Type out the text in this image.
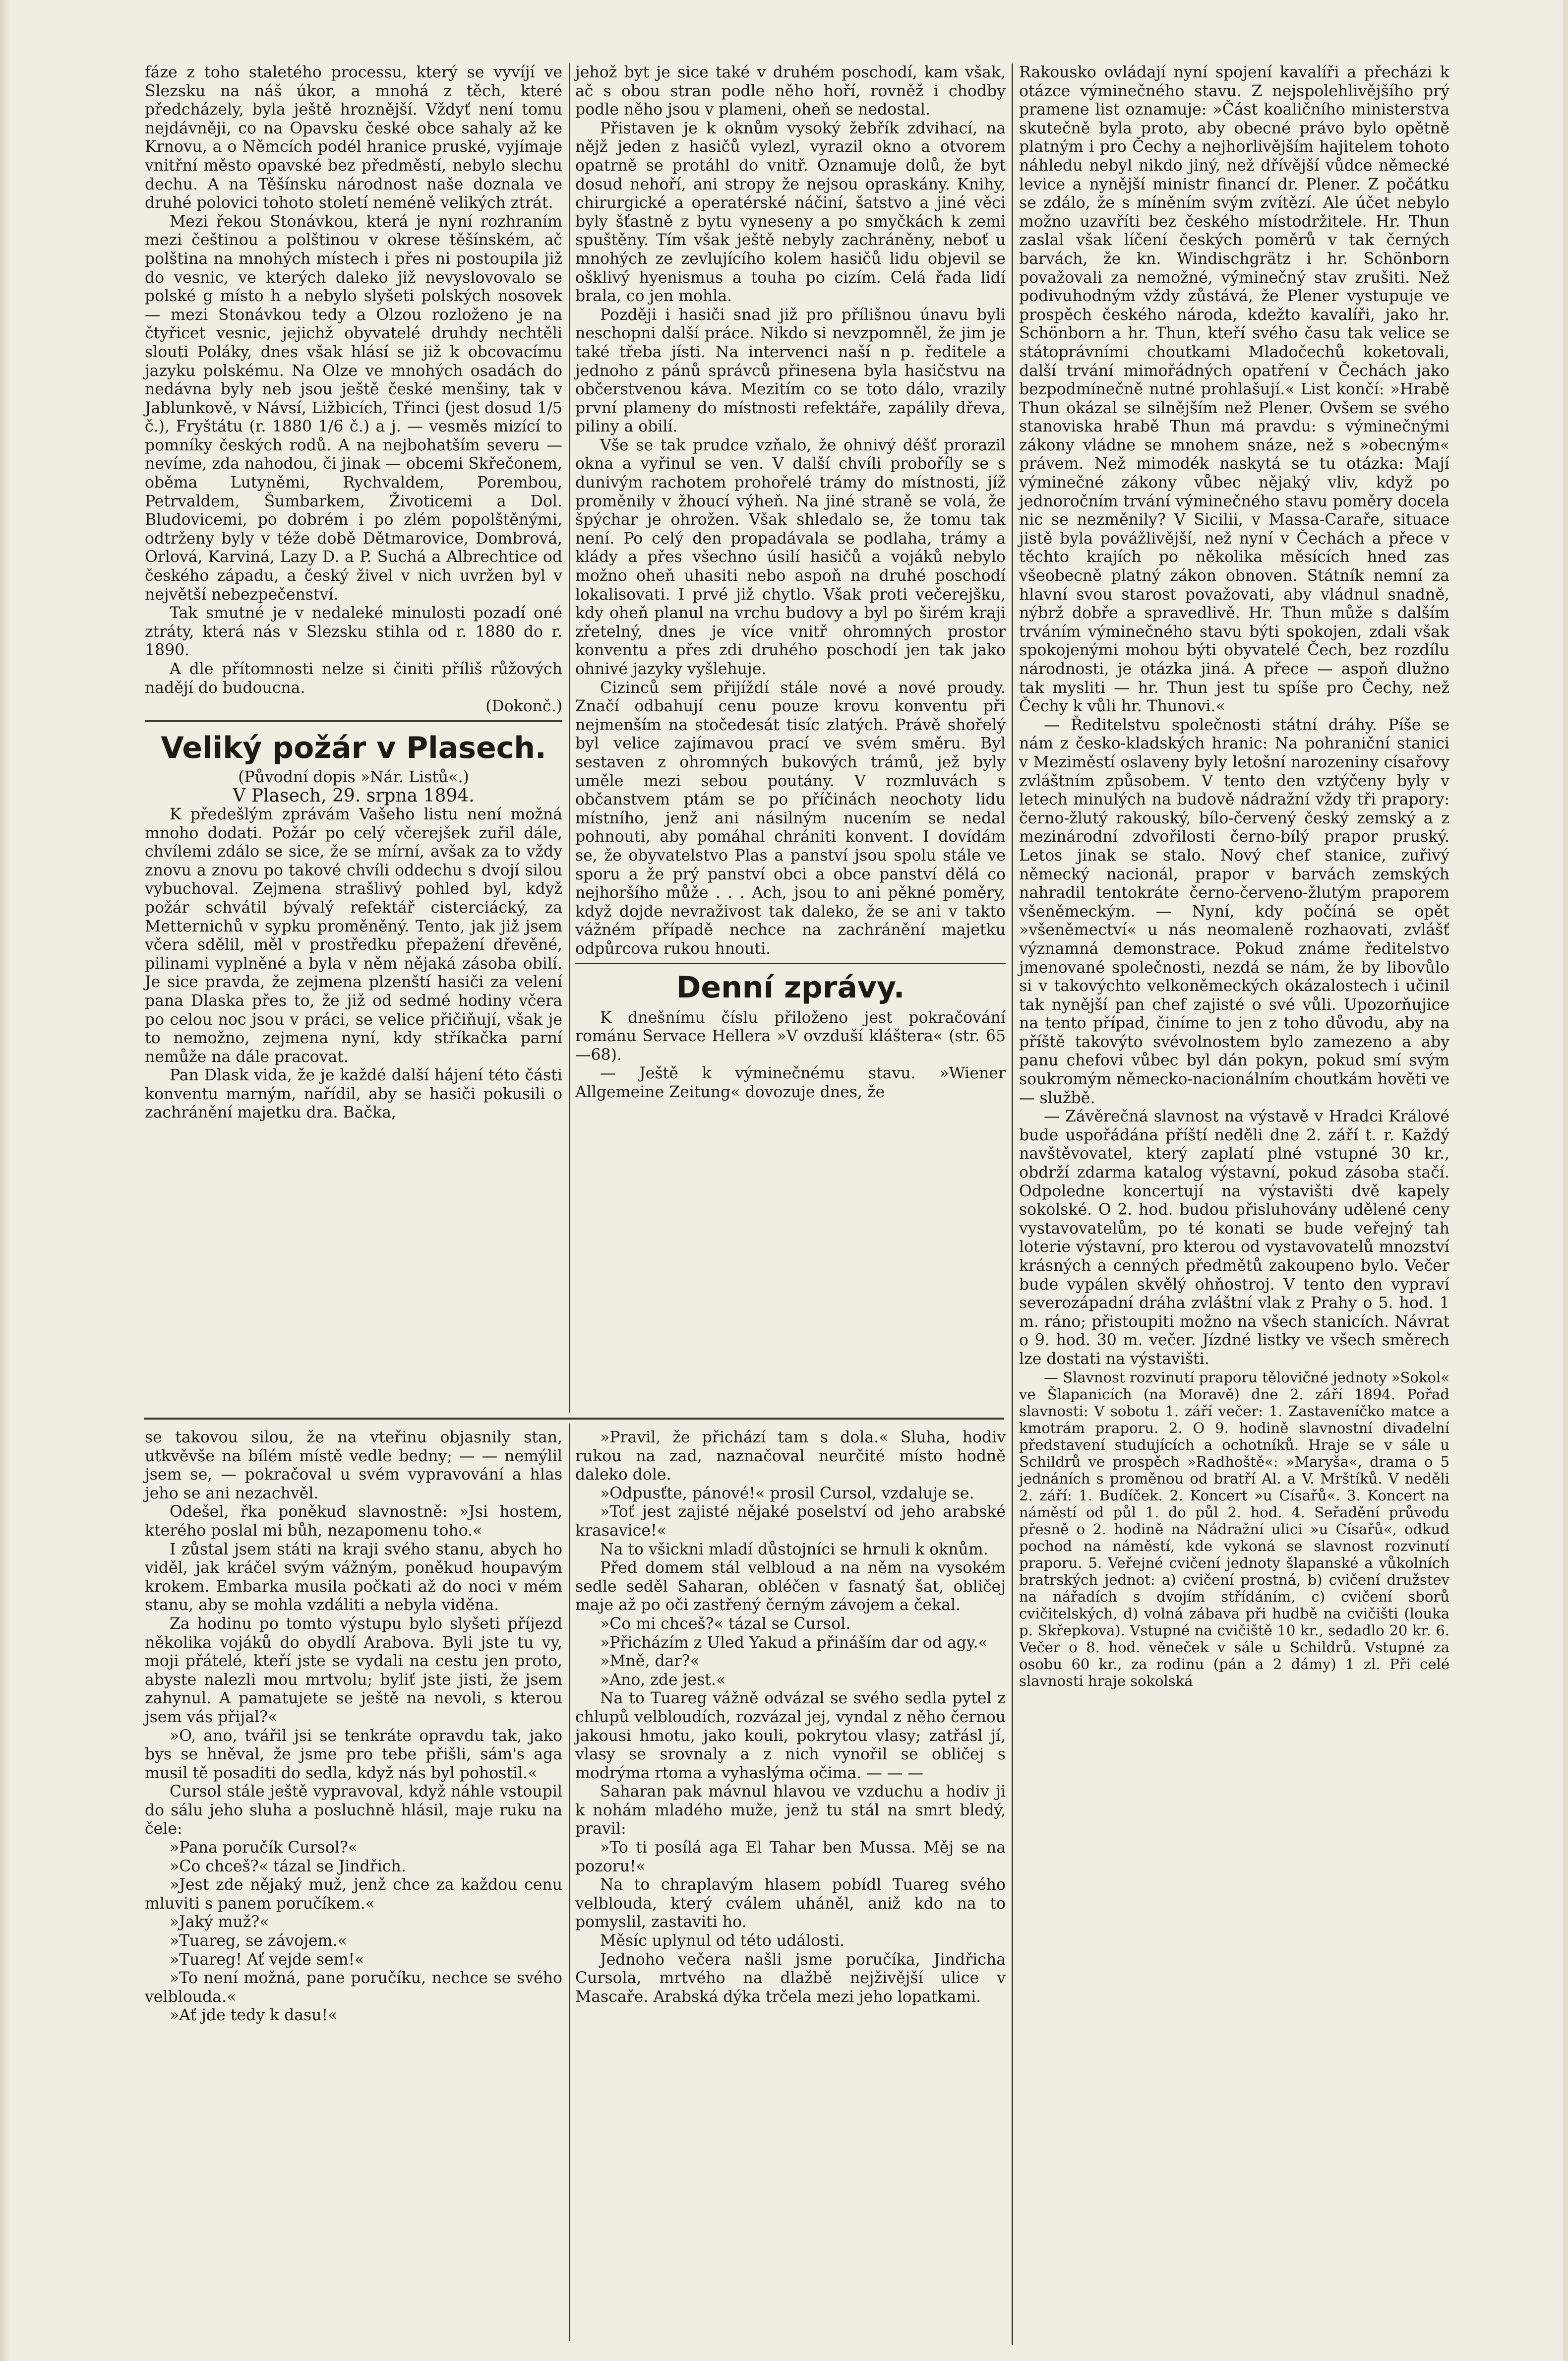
fáze z toho staletého processu, který se vyvíjí ve Slezsku na náš úkor, a mnohá z těch, které předcházely, byla ještě hroznější. Vždyť není tomu nejdávněji, co na Opavsku české obce sahaly až ke Krnovu, a o Němcích podél hranice pruské, vyjímaje vnitřní město opavské bez předměstí, nebylo slechu dechu. A na Těšínsku národnost naše doznala ve druhé polovici tohoto století neméně velikých ztrát.

Mezi řekou Stonávkou, která je nyní rozhraním mezi češtinou a polštinou v okrese těšínském, ač polština na mnohých místech i přes ni postoupila již do vesnic, ve kterých daleko již nevyslovovalo se polské g místo h a nebylo slyšeti polských nosovek — mezi Stonávkou tedy a Olzou rozloženo je na čtyřicet vesnic, jejichž obyvatelé druhdy nechtěli slouti Poláky, dnes však hlásí se již k obcovacímu jazyku polskému. Na Olze ve mnohých osadách do nedávna byly neb jsou ještě české menšiny, tak v Jablunkově, v Návsí, Ližbicích, Třinci (jest dosud 1/5 č.), Fryštátu (r. 1880 1/6 č.) a j. — vesměs mizící to pomníky českých rodů. A na nejbohatším severu — nevíme, zda nahodou, či jinak — obcemi Skřečonem, oběma Lutyněmi, Rychvaldem, Porembou, Petrvaldem, Šumbarkem, Životicemi a Dol. Bludovicemi, po dobrém i po zlém popolštěnými, odtrženy byly v téže době Dětmarovice, Dombrová, Orlová, Karviná, Lazy D. a P. Suchá a Albrechtice od českého západu, a český živel v nich uvržen byl v největší nebezpečenství.

Tak smutné je v nedaleké minulosti pozadí oné ztráty, která nás v Slezsku stihla od r. 1880 do r. 1890.

A dle přítomnosti nelze si činiti příliš růžových nadějí do budoucna.

(Dokonč.)

Veliký požár v Plasech.

(Původní dopis »Nár. Listů«.)

V Plasech, 29. srpna 1894.

K předešlým zprávám Vašeho listu není možná mnoho dodati. Požár po celý včerejšek zuřil dále, chvílemi zdálo se sice, že se mírní, avšak za to vždy znovu a znovu po takové chvíli oddechu s dvojí silou vybuchoval. Zejmena strašlivý pohled byl, když požár schvátil bývalý refektář cisterciácký, za Metternichů v sypku proměněný. Tento, jak již jsem včera sdělil, měl v prostředku přepažení dřevěné, pilinami vyplněné a byla v něm nějaká zásoba obilí. Je sice pravda, že zejmena plzenští hasiči za velení pana Dlaska přes to, že již od sedmé hodiny včera po celou noc jsou v práci, se velice přičiňují, však je to nemožno, zejmena nyní, kdy stříkačka parní nemůže na dále pracovat.

Pan Dlask vida, že je každé další hájení této části konventu marným, nařídil, aby se hasiči pokusili o zachránění majetku dra. Bačka,

jehož byt je sice také v druhém poschodí, kam však, ač s obou stran podle něho hoří, rovněž i chodby podle něho jsou v plameni, oheň se nedostal.

Přistaven je k oknům vysoký žebřík zdvihací, na nějž jeden z hasičů vylezl, vyrazil okno a otvorem opatrně se protáhl do vnitř. Oznamuje dolů, že byt dosud nehoří, ani stropy že nejsou opraskány. Knihy, chirurgické a operatérské náčiní, šatstvo a jiné věci byly šťastně z bytu vyneseny a po smyčkách k zemi spuštěny. Tím však ještě nebyly zachráněny, neboť u mnohých ze zevlujícího kolem hasičů lidu objevil se ošklivý hyenismus a touha po cizím. Celá řada lidí brala, co jen mohla.

Později i hasiči snad již pro přílišnou únavu byli neschopni další práce. Nikdo si nevzpomněl, že jim je také třeba jísti. Na intervenci naší n p. ředitele a jednoho z pánů správců přinesena byla hasičstvu na občerstvenou káva. Mezitím co se toto dálo, vrazily první plameny do místnosti refektáře, zapálily dřeva, piliny a obilí.

Vše se tak prudce vzňalo, že ohnivý déšť prorazil okna a vyřinul se ven. V další chvíli proboříly se s dunivým rachotem prohořelé trámy do místnosti, jíž proměnily v žhoucí výheň. Na jiné straně se volá, že špýchar je ohrožen. Však shledalo se, že tomu tak není. Po celý den propadávala se podlaha, trámy a klády a přes všechno úsilí hasičů a vojáků nebylo možno oheň uhasiti nebo aspoň na druhé poschodí lokalisovati. I prvé již chytlo. Však proti večerejšku, kdy oheň planul na vrchu budovy a byl po širém kraji zřetelný, dnes je více vnitř ohromných prostor konventu a přes zdi druhého poschodí jen tak jako ohnivé jazyky vyšlehuje.

Cizinců sem přijíždí stále nové a nové proudy. Značí odbahují cenu pouze krovu konventu při nejmenším na stočedesát tisíc zlatých. Právě shořelý byl velice zajímavou prací ve svém směru. Byl sestaven z ohromných bukových trámů, jež byly uměle mezi sebou poutány. V rozmluvách s občanstvem ptám se po příčinách neochoty lidu místního, jenž ani násilným nucením se nedal pohnouti, aby pomáhal chrániti konvent. I dovídám se, že obyvatelstvo Plas a panství jsou spolu stále ve sporu a že prý panství obci a obce panství dělá co nejhoršího může . . . Ach, jsou to ani pěkné poměry, když dojde nevraživost tak daleko, že se ani v takto vážném případě nechce na zachránění majetku odpůrcova rukou hnouti.

Denní zprávy.

K dnešnímu číslu přiloženo jest pokračování románu Servace Hellera »V ovzduší kláštera« (str. 65—68).

— Ještě k výminečnému stavu. »Wiener Allgemeine Zeitung« dovozuje dnes, že

Rakousko ovládají nyní spojení kavalíři a přecházi k otázce výminečného stavu. Z nejspolehlivějšího prý pramene list oznamuje: »Část koaličního ministerstva skutečně byla proto, aby obecné právo bylo opětně platným i pro Čechy a nejhorlivějším hajitelem tohoto náhledu nebyl nikdo jiný, než dřívější vůdce německé levice a nynější ministr financí dr. Plener. Z počátku se zdálo, že s míněním svým zvítězí. Ale účet nebylo možno uzavříti bez českého místodržitele. Hr. Thun zaslal však líčení českých poměrů v tak černých barvách, že kn. Windischgrätz i hr. Schönborn považovali za nemožné, výminečný stav zrušiti. Než podivuhodným vždy zůstává, že Plener vystupuje ve prospěch českého národa, kdežto kavalíři, jako hr. Schönborn a hr. Thun, kteří svého času tak velice se státoprávními choutkami Mladočechů koketovali, další trvání mimořádných opatření v Čechách jako bezpodmínečně nutné prohlašují.« List končí: »Hrabě Thun okázal se silnějším než Plener. Ovšem se svého stanoviska hrabě Thun má pravdu: s výminečnými zákony vládne se mnohem snáze, než s »obecným« právem. Než mimodék naskytá se tu otázka: Mají výminečné zákony vůbec nějaký vliv, když po jednoročním trvání výminečného stavu poměry docela nic se nezměnily? V Sicilii, v Massa-Caraře, situace jistě byla povážlivější, než nyní v Čechách a přece v těchto krajích po několika měsících hned zas všeobecně platný zákon obnoven. Státník nemní za hlavní svou starost považovati, aby vládnul snadně, nýbrž dobře a spravedlivě. Hr. Thun může s dalším trváním výminečného stavu býti spokojen, zdali však spokojenými mohou býti obyvatelé Čech, bez rozdílu národnosti, je otázka jiná. A přece — aspoň dlužno tak mysliti — hr. Thun jest tu spíše pro Čechy, než Čechy k vůli hr. Thunovi.«

— Ředitelstvu společnosti státní dráhy. Píše se nám z česko-kladských hranic: Na pohraniční stanici v Meziměstí oslaveny byly letošní narozeniny císařovy zvláštním způsobem. V tento den vztýčeny byly v letech minulých na budově nádražní vždy tři prapory: černo-žlutý rakouský, bílo-červený český zemský a z mezinárodní zdvořilosti černo-bílý prapor pruský. Letos jinak se stalo. Nový chef stanice, zuřivý německý nacionál, prapor v barvách zemských nahradil tentokráte černo-červeno-žlutým praporem všeněmeckým. — Nyní, kdy počíná se opět »všeněmectví« u nás neomaleně rozhaovati, zvlášť významná demonstrace. Pokud známe ředitelstvo jmenované společnosti, nezdá se nám, že by libovůlo si v takovýchto velkoněmeckých okázalostech i učinil tak nynější pan chef zajisté o své vůli. Upozorňujice na tento případ, činíme to jen z toho důvodu, aby na příště takovýto svévolnostem bylo zamezeno a aby panu chefovi vůbec byl dán pokyn, pokud smí svým soukromým německo-nacionálním choutkám hověti ve — službě.

— Závěrečná slavnost na výstavě v Hradci Králové bude uspořádána příští neděli dne 2. září t. r. Každý navštěvovatel, který zaplatí plné vstupné 30 kr., obdrží zdarma katalog výstavní, pokud zásoba stačí. Odpoledne koncertují na výstavišti dvě kapely sokolské. O 2. hod. budou přisluhovány udělené ceny vystavovatelům, po té konati se bude veřejný tah loterie výstavní, pro kterou od vystavovatelů mnozství krásných a cenných předmětů zakoupeno bylo. Večer bude vypálen skvělý ohňostroj. V tento den vypraví severozápadní dráha zvláštní vlak z Prahy o 5. hod. 1 m. ráno; přistoupiti možno na všech stanicích. Návrat o 9. hod. 30 m. večer. Jízdné listky ve všech směrech lze dostati na výstavišti.

— Slavnost rozvinutí praporu tělovičné jednoty »Sokol« ve Šlapanicích (na Moravě) dne 2. září 1894. Pořad slavnosti: V sobotu 1. září večer: 1. Zastaveníčko matce a kmotrám praporu. 2. O 9. hodině slavnostní divadelní představení studujících a ochotníků. Hraje se v sále u Schildrů ve prospěch »Radhoště«: »Maryša«, drama o 5 jednáních s proměnou od bratří Al. a V. Mrštíků. V neděli 2. září: 1. Budíček. 2. Koncert »u Císařů«. 3. Koncert na náměstí od půl 1. do půl 2. hod. 4. Seřadění průvodu přesně o 2. hodině na Nádražní ulici »u Císařů«, odkud pochod na náměstí, kde vykoná se slavnost rozvinutí praporu. 5. Veřejné cvičení jednoty šlapanské a vůkolních bratrských jednot: a) cvičení prostná, b) cvičení družstev na nářadích s dvojím střídáním, c) cvičení sborů cvičitelských, d) volná zábava při hudbě na cvičišti (louka p. Skřepkova). Vstupné na cvičiště 10 kr., sedadlo 20 kr. 6. Večer o 8. hod. věneček v sále u Schildrů. Vstupné za osobu 60 kr., za rodinu (pán a 2 dámy) 1 zl. Při celé slavnosti hraje sokolská

se takovou silou, že na vteřinu objasnily stan, utkvěvše na bílém místě vedle bedny; — — nemýlil jsem se, — pokračoval u svém vypravování a hlas jeho se ani nezachvěl.

Odešel, řka poněkud slavnostně: »Jsi hostem, kterého poslal mi bůh, nezapomenu toho.«

I zůstal jsem státi na kraji svého stanu, abych ho viděl, jak kráčel svým vážným, poněkud houpavým krokem. Embarka musila počkati až do noci v mém stanu, aby se mohla vzdáliti a nebyla viděna.

Za hodinu po tomto výstupu bylo slyšeti příjezd několika vojáků do obydlí Arabova. Byli jste tu vy, moji přátelé, kteří jste se vydali na cestu jen proto, abyste nalezli mou mrtvolu; byliť jste jisti, že jsem zahynul. A pamatujete se ještě na nevoli, s kterou jsem vás přijal?«

»O, ano, tvářil jsi se tenkráte opravdu tak, jako bys se hněval, že jsme pro tebe přišli, sám's aga musil tě posaditi do sedla, když nás byl pohostil.«

Cursol stále ještě vypravoval, když náhle vstoupil do sálu jeho sluha a posluchně hlásil, maje ruku na čele:

»Pana poručík Cursol?«

»Co chceš?« tázal se Jindřich.

»Jest zde nějaký muž, jenž chce za každou cenu mluviti s panem poručíkem.«

»Jaký muž?«

»Tuareg, se závojem.«

»Tuareg! Ať vejde sem!«

»To není možná, pane poručíku, nechce se svého velblouda.«

»Ať jde tedy k dasu!«

»Pravil, že přichází tam s dola.« Sluha, hodiv rukou na zad, naznačoval neurčité místo hodně daleko dole.

»Odpusťte, pánové!« prosil Cursol, vzdaluje se.

»Toť jest zajisté nějaké poselství od jeho arabské krasavice!«

Na to všickni mladí důstojníci se hrnuli k oknům.

Před domem stál velbloud a na něm na vysokém sedle seděl Saharan, obléčen v fasnatý šat, obličej maje až po oči zastřený černým závojem a čekal.

»Co mi chceš?« tázal se Cursol.

»Přicházím z Uled Yakud a přináším dar od agy.«

»Mně, dar?«

»Ano, zde jest.«

Na to Tuareg vážně odvázal se svého sedla pytel z chlupů velbloudích, rozvázal jej, vyndal z něho černou jakousi hmotu, jako kouli, pokrytou vlasy; zatřásl jí, vlasy se srovnaly a z nich vynořil se obličej s modrýma rtoma a vyhaslýma očima. — — —

Saharan pak mávnul hlavou ve vzduchu a hodiv ji k nohám mladého muže, jenž tu stál na smrt bledý, pravil:

»To ti posílá aga El Tahar ben Mussa. Měj se na pozoru!«

Na to chraplavým hlasem pobídl Tuareg svého velblouda, který cválem uháněl, aniž kdo na to pomyslil, zastaviti ho.

Měsíc uplynul od této události.

Jednoho večera našli jsme poručíka, Jindřicha Cursola, mrtvého na dlažbě nejživější ulice v Mascaře. Arabská dýka trčela mezi jeho lopatkami.
